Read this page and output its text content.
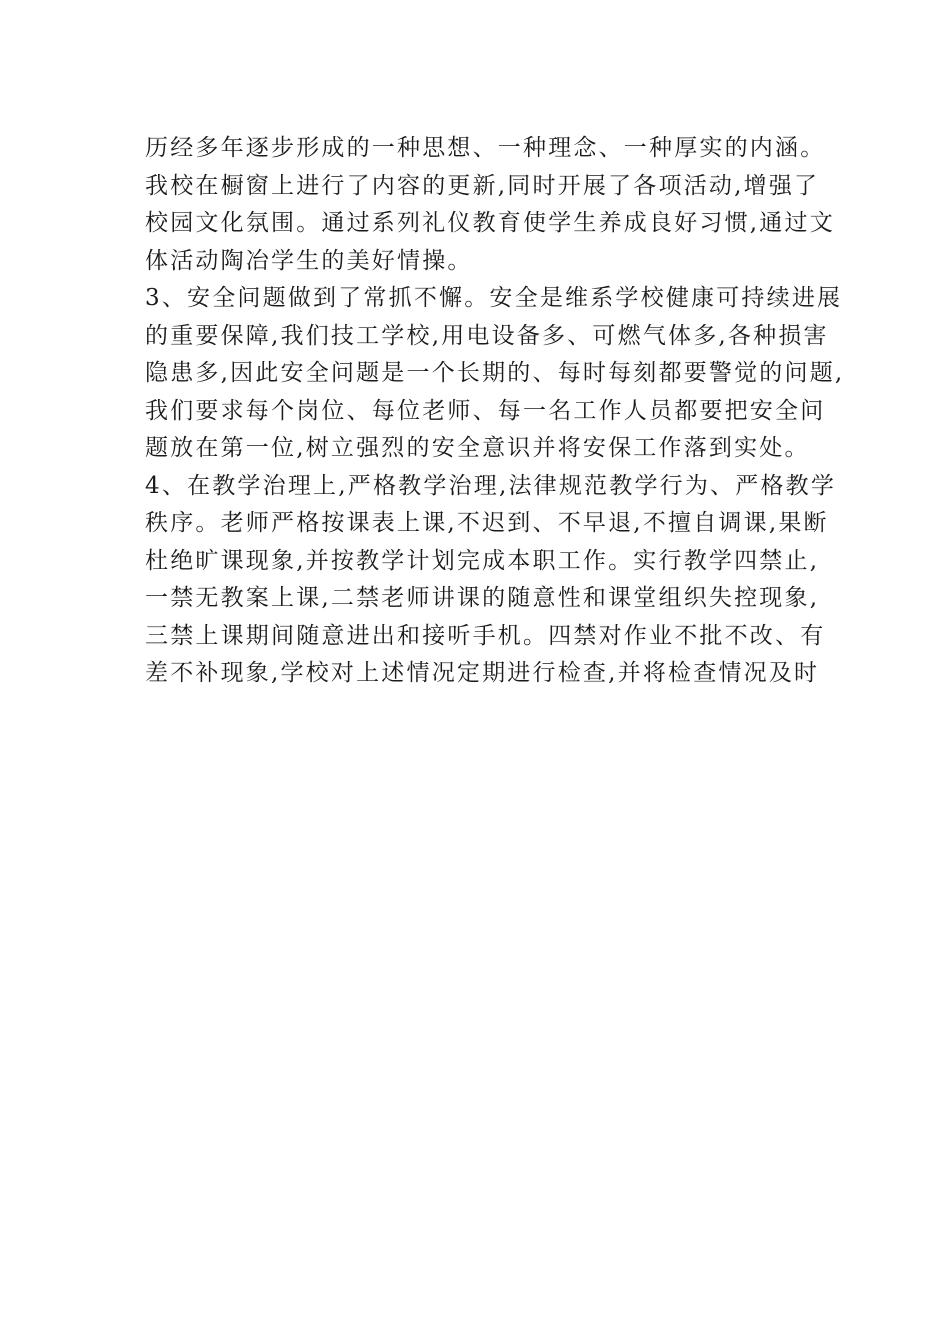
历经多年逐步形成的一种思想、一种理念、一种厚实的内涵。
我校在橱窗上进行了内容的更新,同时开展了各项活动,增强了
校园文化氛围。通过系列礼仪教育使学生养成良好习惯,通过文
体活动陶冶学生的美好情操。
3、安全问题做到了常抓不懈。安全是维系学校健康可持续进展
的重要保障,我们技工学校,用电设备多、可燃气体多,各种损害
隐患多,因此安全问题是一个长期的、每时每刻都要警觉的问题,
我们要求每个岗位、每位老师、每一名工作人员都要把安全问
题放在第一位,树立强烈的安全意识并将安保工作落到实处。
4、在教学治理上,严格教学治理,法律规范教学行为、严格教学
秩序。老师严格按课表上课,不迟到、不早退,不擅自调课,果断
杜绝旷课现象,并按教学计划完成本职工作。实行教学四禁止,
一禁无教案上课,二禁老师讲课的随意性和课堂组织失控现象,
三禁上课期间随意进出和接听手机。四禁对作业不批不改、有
差不补现象,学校对上述情况定期进行检查,并将检查情况及时
